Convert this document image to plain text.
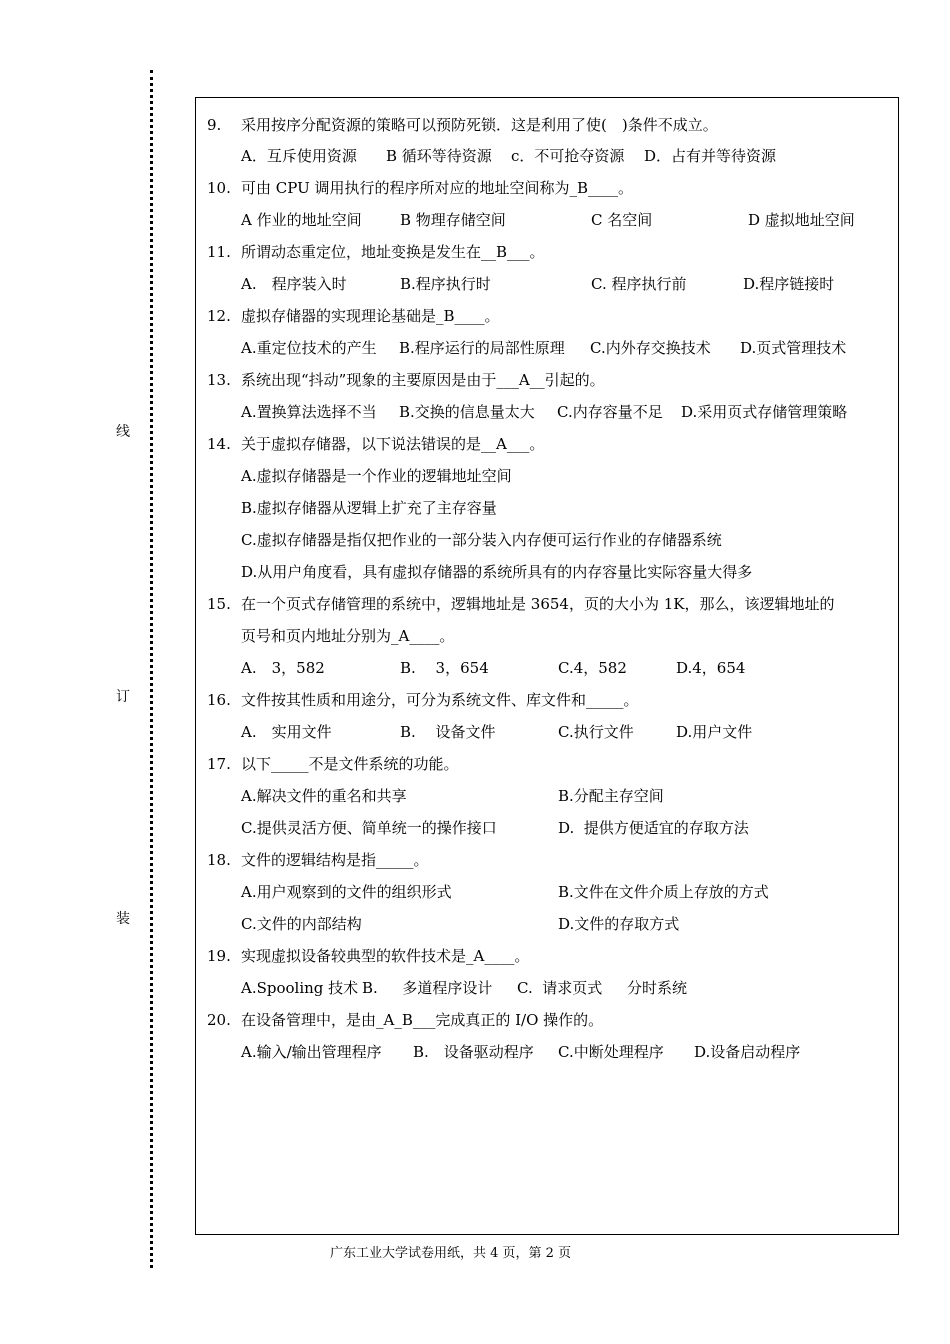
线
订
装
9. 采用按序分配资源的策略可以预防死锁．这是利用了使(　)条件不成立。
A．互斥使用资源 B 循环等待资源 c．不可抢夺资源 D．占有并等待资源
10. 可由 CPU 调用执行的程序所对应的地址空间称为_B____。
A 作业的地址空间	B 物理存储空间	C 名空间	D 虚拟地址空间
11. 所谓动态重定位，地址变换是发生在__B___。
A.　程序装入时	B.程序执行时	C. 程序执行前	D.程序链接时
12. 虚拟存储器的实现理论基础是_B____。
A.重定位技术的产生 B.程序运行的局部性原理 C.内外存交换技术 D.页式管理技术
13. 系统出现“抖动”现象的主要原因是由于___A__引起的。
A.置换算法选择不当 B.交换的信息量太大 C.内存容量不足 D.采用页式存储管理策略
14. 关于虚拟存储器，以下说法错误的是__A___。
A.虚拟存储器是一个作业的逻辑地址空间
B.虚拟存储器从逻辑上扩充了主存容量
C.虚拟存储器是指仅把作业的一部分装入内存便可运行作业的存储器系统
D.从用户角度看，具有虚拟存储器的系统所具有的内存容量比实际容量大得多
15. 在一个页式存储管理的系统中，逻辑地址是 3654，页的大小为 1K，那么，该逻辑地址的
页号和页内地址分别为_A____。
A.　3，582	B.　 3，654	C.4，582	D.4，654
16. 文件按其性质和用途分，可分为系统文件、库文件和_____。
A.　实用文件	B.　 设备文件	C.执行文件	D.用户文件
17. 以下_____不是文件系统的功能。
A.解决文件的重名和共享	B.分配主存空间
C.提供灵活方便、简单统一的操作接口	D.  提供方便适宜的存取方法
18. 文件的逻辑结构是指_____。
A.用户观察到的文件的组织形式	B.文件在文件介质上存放的方式
C.文件的内部结构	D.文件的存取方式
19. 实现虚拟设备较典型的软件技术是_A____。
A.Spooling 技术 B.　  多道程序设计 C.  请求页式 分时系统
20. 在设备管理中，是由_A_B___完成真正的 I/O 操作的。
A.输入/输出管理程序 B.　设备驱动程序 C.中断处理程序 D.设备启动程序
广东工业大学试卷用纸，共 4 页，第 2 页
